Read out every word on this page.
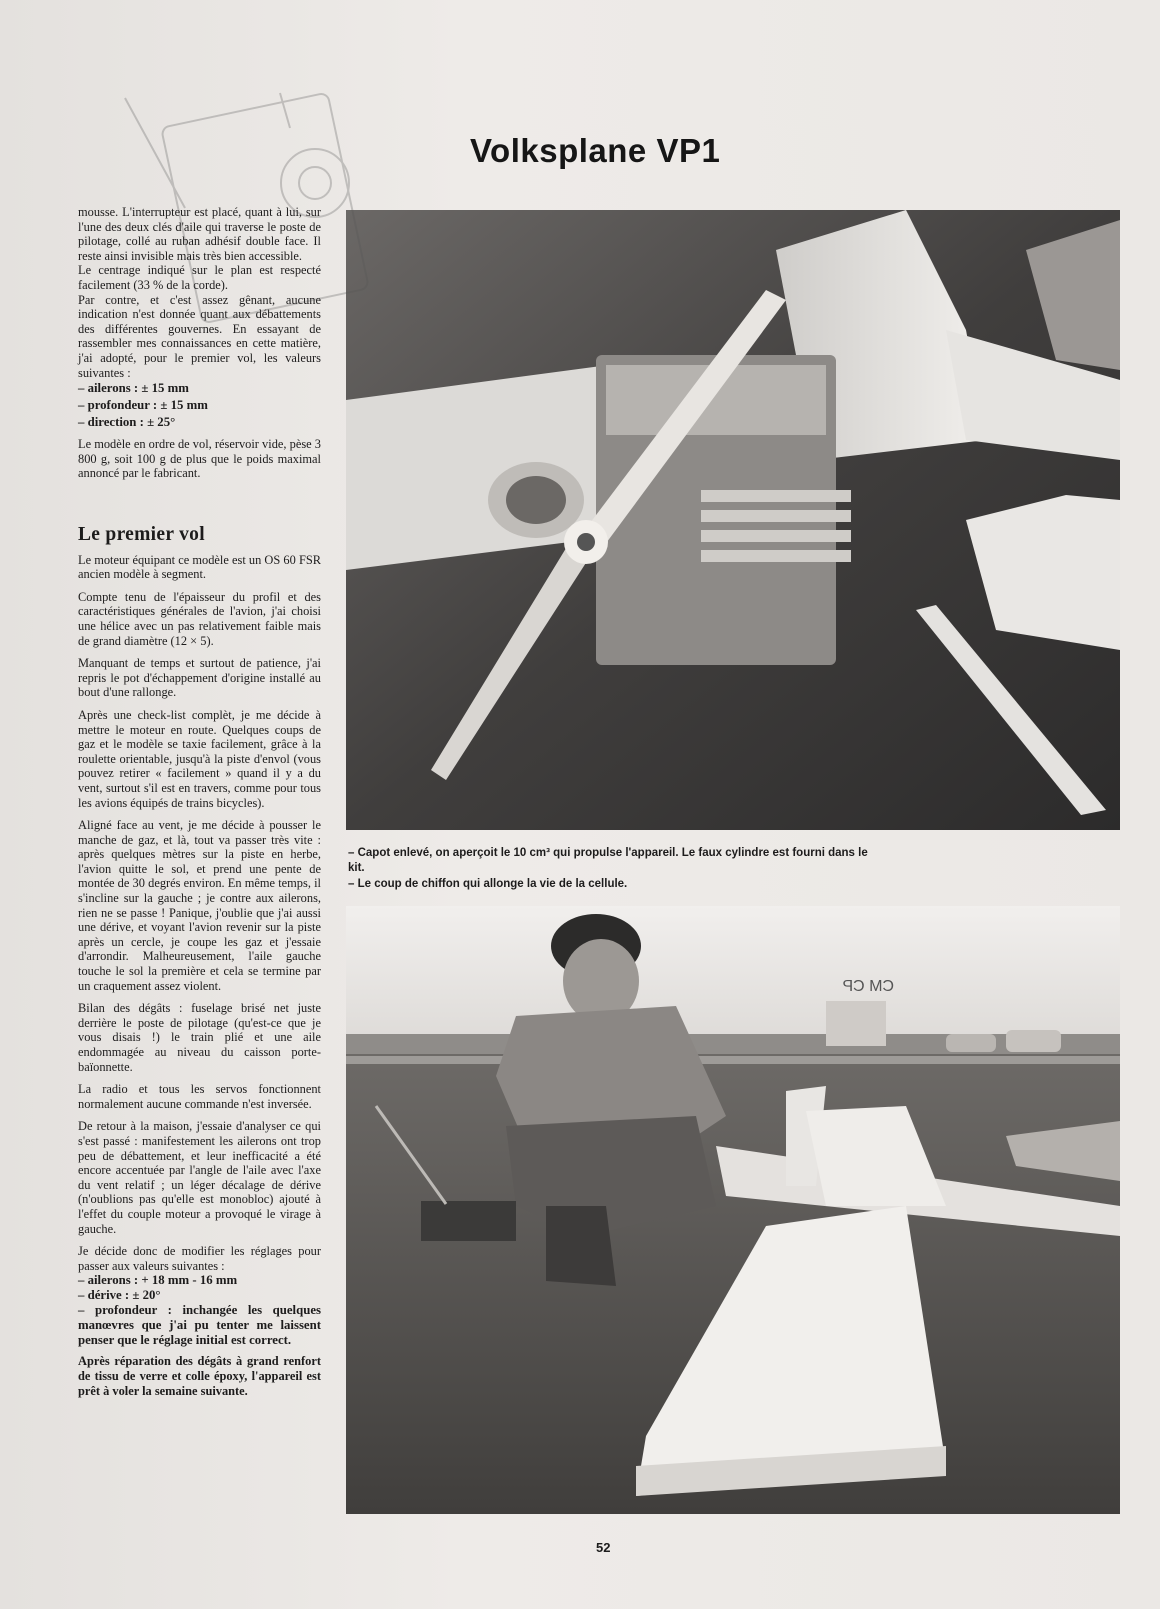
Volksplane VP1

mousse. L'interrupteur est placé, quant à lui, sur l'une des deux clés d'aile qui traverse le poste de pilotage, collé au ruban adhésif double face. Il reste ainsi invisible mais très bien accessible.

Le centrage indiqué sur le plan est respecté facilement (33 % de la corde).

Par contre, et c'est assez gênant, aucune indication n'est donnée quant aux débattements des différentes gouvernes. En essayant de rassembler mes connaissances en cette matière, j'ai adopté, pour le premier vol, les valeurs suivantes :

– ailerons : ± 15 mm
– profondeur : ± 15 mm
– direction : ± 25°

Le modèle en ordre de vol, réservoir vide, pèse 3 800 g, soit 100 g de plus que le poids maximal annoncé par le fabricant.

Le premier vol

Le moteur équipant ce modèle est un OS 60 FSR ancien modèle à segment.

Compte tenu de l'épaisseur du profil et des caractéristiques générales de l'avion, j'ai choisi une hélice avec un pas relativement faible mais de grand diamètre (12 × 5).

Manquant de temps et surtout de patience, j'ai repris le pot d'échappement d'origine installé au bout d'une rallonge.

Après une check-list complèt, je me décide à mettre le moteur en route. Quelques coups de gaz et le modèle se taxie facilement, grâce à la roulette orientable, jusqu'à la piste d'envol (vous pouvez retirer « facilement » quand il y a du vent, surtout s'il est en travers, comme pour tous les avions équipés de trains bicycles).

Aligné face au vent, je me décide à pousser le manche de gaz, et là, tout va passer très vite : après quelques mètres sur la piste en herbe, l'avion quitte le sol, et prend une pente de montée de 30 degrés environ. En même temps, il s'incline sur la gauche ; je contre aux ailerons, rien ne se passe ! Panique, j'oublie que j'ai aussi une dérive, et voyant l'avion revenir sur la piste après un cercle, je coupe les gaz et j'essaie d'arrondir. Malheureusement, l'aile gauche touche le sol la première et cela se termine par un craquement assez violent.

Bilan des dégâts : fuselage brisé net juste derrière le poste de pilotage (qu'est-ce que je vous disais !) le train plié et une aile endommagée au niveau du caisson porte-baïonnette.

La radio et tous les servos fonctionnent normalement aucune commande n'est inversée.

De retour à la maison, j'essaie d'analyser ce qui s'est passé : manifestement les ailerons ont trop peu de débattement, et leur inefficacité a été encore accentuée par l'angle de l'aile avec l'axe du vent relatif ; un léger décalage de dérive (n'oublions pas qu'elle est monobloc) ajouté à l'effet du couple moteur a provoqué le virage à gauche.

Je décide donc de modifier les réglages pour passer aux valeurs suivantes :

– ailerons : + 18 mm - 16 mm
– dérive : ± 20°
– profondeur : inchangée les quelques manœvres que j'ai pu tenter me laissent penser que le réglage initial est correct.

Après réparation des dégâts à grand renfort de tissu de verre et colle époxy, l'appareil est prêt à voler la semaine suivante.

– Capot enlevé, on aperçoit le 10 cm³ qui propulse l'appareil. Le faux cylindre est fourni dans le kit.

– Le coup de chiffon qui allonge la vie de la cellule.

CM CP
52
